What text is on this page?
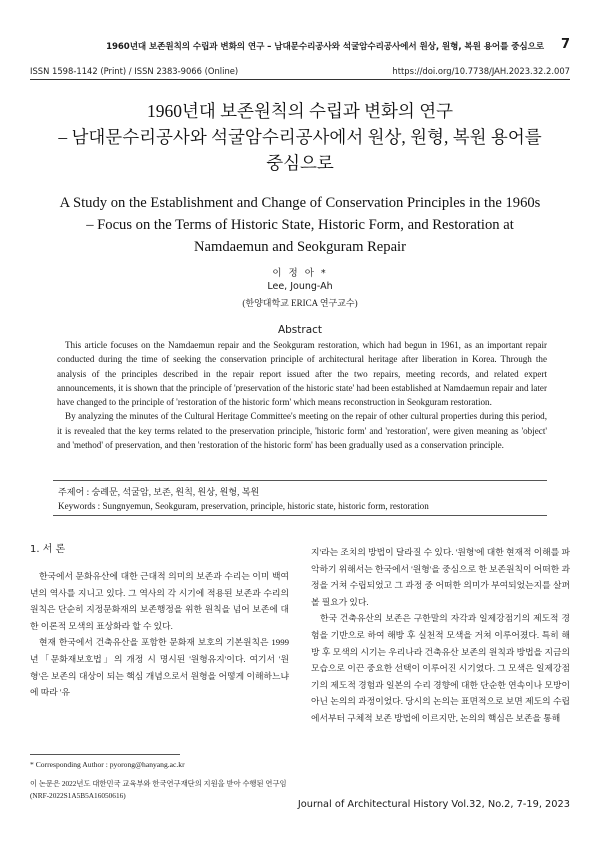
1960년대 보존원칙의 수립과 변화의 연구 – 남대문수리공사와 석굴암수리공사에서 원상, 원형, 복원 용어를 중심으로 7
ISSN 1598-1142 (Print) / ISSN 2383-9066 (Online)	https://doi.org/10.7738/JAH.2023.32.2.007
1960년대 보존원칙의 수립과 변화의 연구
– 남대문수리공사와 석굴암수리공사에서 원상, 원형, 복원 용어를
중심으로
A Study on the Establishment and Change of Conservation Principles in the 1960s
– Focus on the Terms of Historic State, Historic Form, and Restoration at
Namdaemun and Seokguram Repair
이 정 아 *
Lee, Joung-Ah
(한양대학교 ERICA 연구교수)
Abstract

This article focuses on the Namdaemun repair and the Seokguram restoration, which had begun in 1961, as an important repair conducted during the time of seeking the conservation principle of architectural heritage after liberation in Korea. Through the analysis of the principles described in the repair report issued after the two repairs, meeting records, and related expert announcements, it is shown that the principle of 'preservation of the historic state' had been established at Namdaemun repair and later have changed to the principle of 'restoration of the historic form' which means reconstruction in Seokguram restoration.

By analyzing the minutes of the Cultural Heritage Committee's meeting on the repair of other cultural properties during this period, it is revealed that the key terms related to the preservation principle, 'historic form' and 'restoration', were given meaning as 'object' and 'method' of preservation, and then 'restoration of the historic form' has been gradually used as a conservation principle.

주제어 : 숭례문, 석굴암, 보존, 원칙, 원상, 원형, 복원
Keywords : Sungnyemun, Seokguram, preservation, principle, historic state, historic form, restoration
1. 서 론

한국에서 문화유산에 대한 근대적 의미의 보존과 수리는 이미 백여 년의 역사를 지니고 있다. 그 역사의 각 시기에 적용된 보존과 수리의 원칙은 단순히 지정문화재의 보존행정을 위한 원칙을 넘어 보존에 대한 이론적 모색의 표상화라 할 수 있다.

현재 한국에서 건축유산을 포함한 문화재 보호의 기본원칙은 1999년「문화재보호법」의 개정 시 명시된 '원형유지'이다. 여기서 '원형'은 보존의 대상이 되는 핵심 개념으로서 원형을 어떻게 이해하느냐에 따라 '유

지'라는 조치의 방법이 달라질 수 있다. '원형'에 대한 현재적 이해를 파악하기 위해서는 한국에서 '원형'을 중심으로 한 보존원칙이 어떠한 과정을 거쳐 수립되었고 그 과정 중 어떠한 의미가 부여되었는지를 살펴볼 필요가 있다.

한국 건축유산의 보존은 구한말의 자각과 일제강점기의 제도적 경험을 기반으로 하여 해방 후 실천적 모색을 거쳐 이루어졌다. 특히 해방 후 모색의 시기는 우리나라 건축유산 보존의 원칙과 방법을 지금의 모습으로 이끈 중요한 선택이 이루어진 시기였다. 그 모색은 일제강점기의 제도적 경험과 일본의 수리 경향에 대한 단순한 연속이나 모방이 아닌 논의의 과정이었다. 당시의 논의는 표면적으로 보면 제도의 수립에서부터 구체적 보존 방법에 이르지만, 논의의 핵심은 보존을 통해

* Corresponding Author : pyorong@hanyang.ac.kr
이 논문은 2022년도 대한민국 교육부와 한국연구재단의 지원을 받아 수행된 연구임 (NRF-2022S1A5B5A16050616)
Journal of Architectural History Vol.32, No.2, 7-19, 2023
